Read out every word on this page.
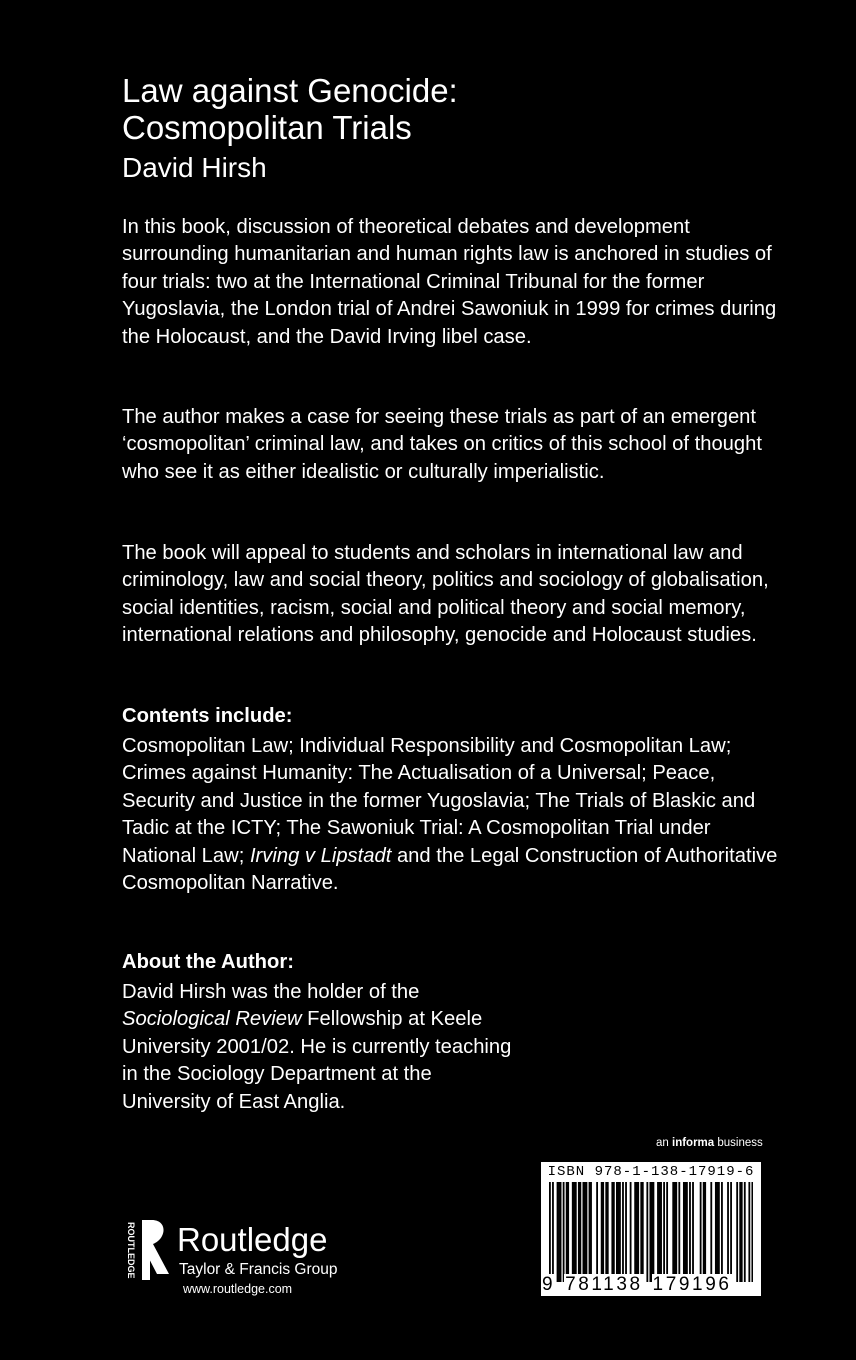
Law against Genocide:
Cosmopolitan Trials
David Hirsh
In this book, discussion of theoretical debates and development surrounding humanitarian and human rights law is anchored in studies of four trials: two at the International Criminal Tribunal for the former Yugoslavia, the London trial of Andrei Sawoniuk in 1999 for crimes during the Holocaust, and the David Irving libel case.
The author makes a case for seeing these trials as part of an emergent ‘cosmopolitan’ criminal law, and takes on critics of this school of thought who see it as either idealistic or culturally imperialistic.
The book will appeal to students and scholars in international law and criminology, law and social theory, politics and sociology of globalisation, social identities, racism, social and political theory and social memory, international relations and philosophy, genocide and Holocaust studies.
Contents include:
Cosmopolitan Law; Individual Responsibility and Cosmopolitan Law; Crimes against Humanity: The Actualisation of a Universal; Peace, Security and Justice in the former Yugoslavia; The Trials of Blaskic and Tadic at the ICTY; The Sawoniuk Trial: A Cosmopolitan Trial under National Law; Irving v Lipstadt and the Legal Construction of Authoritative Cosmopolitan Narrative.
About the Author:
David Hirsh was the holder of the Sociological Review Fellowship at Keele University 2001/02. He is currently teaching in the Sociology Department at the University of East Anglia.
an informa business
ISBN 978-1-138-17919-6
9 781138 179196
ROUTLEDGE Routledge
Taylor & Francis Group
www.routledge.com
